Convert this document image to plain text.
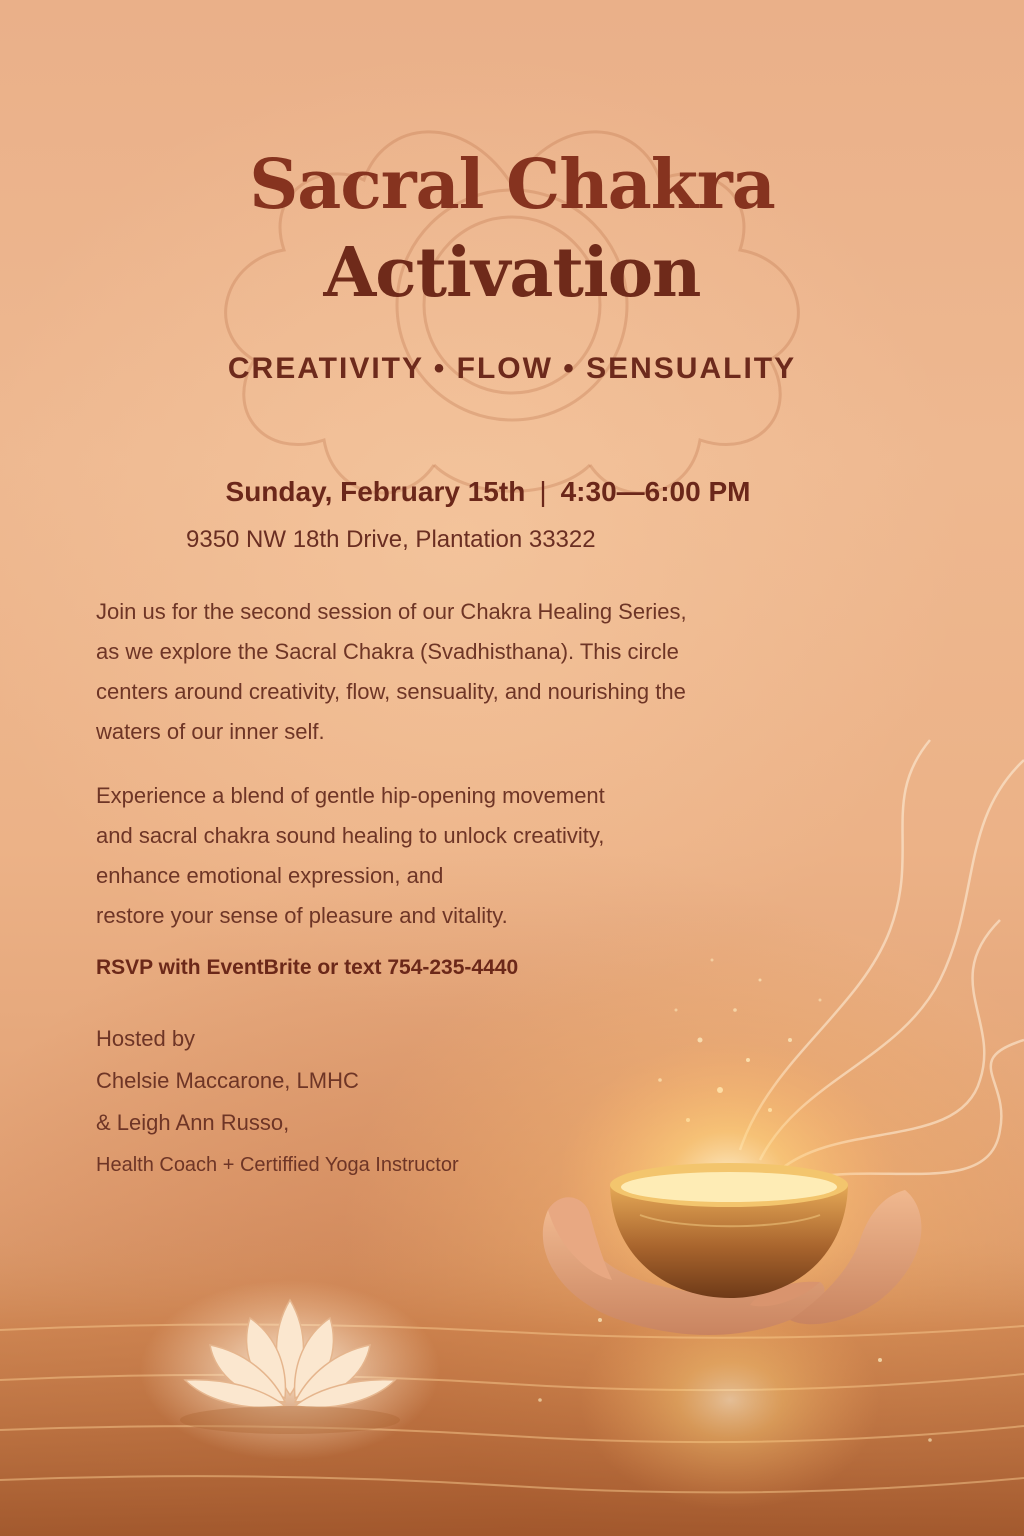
Sacral Chakra
Activation
CREATIVITY • FLOW • SENSUALITY
Sunday, February 15th | 4:30—6:00 PM
9350 NW 18th Drive, Plantation 33322

Join us for the second session of our Chakra Healing Series,
as we explore the Sacral Chakra (Svadhisthana). This circle
centers around creativity, flow, sensuality, and nourishing the
waters of our inner self.

Experience a blend of gentle hip-opening movement
and sacral chakra sound healing to unlock creativity,
enhance emotional expression, and
restore your sense of pleasure and vitality.

RSVP with EventBrite or text 754-235-4440
Hosted by
Chelsie Maccarone, LMHC
& Leigh Ann Russo,
Health Coach + Certiffied Yoga Instructor
